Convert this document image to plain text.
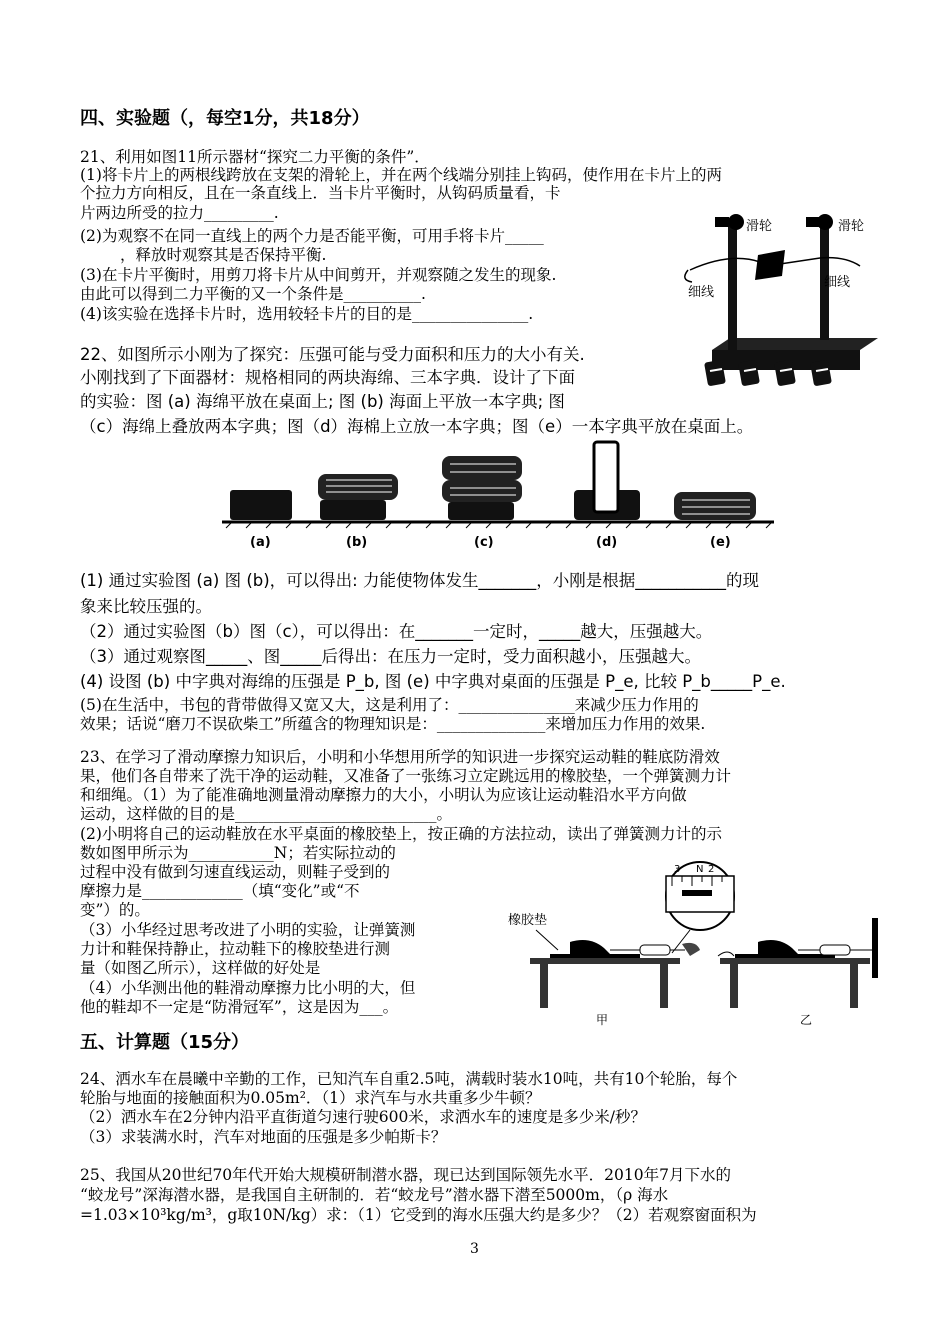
四、实验题（，每空1分，共18分）
21、利用如图11所示器材“探究二力平衡的条件”．
(1)将卡片上的两根线跨放在支架的滑轮上，并在两个线端分别挂上钩码，使作用在卡片上的两
个拉力方向相反，且在一条直线上．当卡片平衡时，从钩码质量看，卡
片两边所受的拉力_________.
(2)为观察不在同一直线上的两个力是否能平衡，可用手将卡片_____
，释放时观察其是否保持平衡.
(3)在卡片平衡时，用剪刀将卡片从中间剪开，并观察随之发生的现象.
由此可以得到二力平衡的又一个条件是__________.
(4)该实验在选择卡片时，选用较轻卡片的目的是_______________.
滑轮	滑轮
细线
细线
22、如图所示小刚为了探究：压强可能与受力面积和压力的大小有关.
小刚找到了下面器材：规格相同的两块海绵、三本字典．设计了下面
的实验：图 (a) 海绵平放在桌面上; 图 (b) 海面上平放一本字典; 图
（c）海绵上叠放两本字典；图（d）海棉上立放一本字典；图（e）一本字典平放在桌面上。
(a)	(b)	(c)	(d)	(e)
(1) 通过实验图 (a) 图 (b)，可以得出: 力能使物体发生_______，小刚是根据___________的现
象来比较压强的。
（2）通过实验图（b）图（c），可以得出：在_______一定时，_____越大，压强越大。
（3）通过观察图_____、图_____后得出：在压力一定时，受力面积越小，压强越大。
(4) 设图 (b) 中字典对海绵的压强是 P_b, 图 (e) 中字典对桌面的压强是 P_e, 比较 P_b_____P_e.
(5)在生活中，书包的背带做得又宽又大，这是利用了：_______________来减少压力作用的
效果；话说“磨刀不误砍柴工”所蕴含的物理知识是：______________来增加压力作用的效果.
23、在学习了滑动摩擦力知识后，小明和小华想用所学的知识进一步探究运动鞋的鞋底防滑效
果，他们各自带来了洗干净的运动鞋，又准备了一张练习立定跳远用的橡胶垫，一个弹簧测力计
和细绳。（1）为了能准确地测量滑动摩擦力的大小，小明认为应该让运动鞋沿水平方向做
运动，这样做的目的是__________________________。
(2)小明将自己的运动鞋放在水平桌面的橡胶垫上，按正确的方法拉动，读出了弹簧测力计的示
数如图甲所示为___________N；若实际拉动的
过程中没有做到匀速直线运动，则鞋子受到的
摩擦力是_____________（填“变化”或“不
变”）的。
（3）小华经过思考改进了小明的实验，让弹簧测
力计和鞋保持静止，拉动鞋下的橡胶垫进行测
量（如图乙所示），这样做的好处是
（4）小华测出他的鞋滑动摩擦力比小明的大，但
他的鞋却不一定是“防滑冠军”，这是因为___。
3 N 2
橡胶垫
甲	乙
五、计算题（15分）
24、洒水车在晨曦中辛勤的工作，已知汽车自重2.5吨，满载时装水10吨，共有10个轮胎，每个
轮胎与地面的接触面积为0.05m²．（1）求汽车与水共重多少牛顿？
（2）洒水车在2分钟内沿平直街道匀速行驶600米，求洒水车的速度是多少米/秒？
（3）求装满水时，汽车对地面的压强是多少帕斯卡？
25、我国从20世纪70年代开始大规模研制潜水器，现已达到国际领先水平．2010年7月下水的
“蛟龙号”深海潜水器，是我国自主研制的．若“蛟龙号”潜水器下潜至5000m，（ρ 海水
=1.03×10³kg/m³，g取10N/kg）求：（1）它受到的海水压强大约是多少？（2）若观察窗面积为
3
